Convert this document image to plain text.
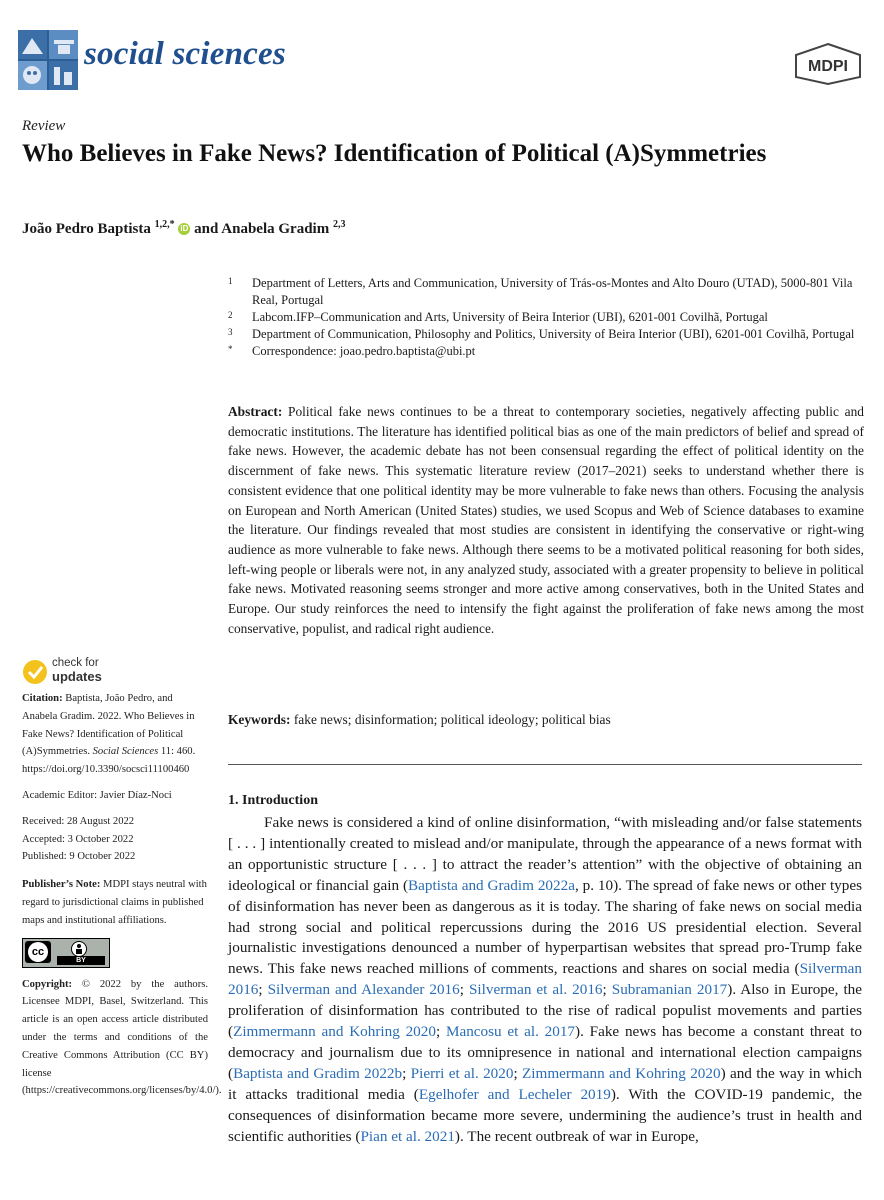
social sciences	MDPI
Review
Who Believes in Fake News? Identification of Political (A)Symmetries
João Pedro Baptista $^{1,2,*}$ iD and Anabela Gradim $^{2,3}$
1 Department of Letters, Arts and Communication, University of Trás-os-Montes and Alto Douro (UTAD), 5000-801 Vila Real, Portugal
2 Labcom.IFP–Communication and Arts, University of Beira Interior (UBI), 6201-001 Covilhã, Portugal
3 Department of Communication, Philosophy and Politics, University of Beira Interior (UBI), 6201-001 Covilhã, Portugal
* Correspondence: joao.pedro.baptista@ubi.pt
Abstract: Political fake news continues to be a threat to contemporary societies, negatively affecting public and democratic institutions. The literature has identified political bias as one of the main predictors of belief and spread of fake news. However, the academic debate has not been consensual regarding the effect of political identity on the discernment of fake news. This systematic literature review (2017–2021) seeks to understand whether there is consistent evidence that one political identity may be more vulnerable to fake news than others. Focusing the analysis on European and North American (United States) studies, we used Scopus and Web of Science databases to examine the literature. Our findings revealed that most studies are consistent in identifying the conservative or right-wing audience as more vulnerable to fake news. Although there seems to be a motivated political reasoning for both sides, left-wing people or liberals were not, in any analyzed study, associated with a greater propensity to believe in political fake news. Motivated reasoning seems stronger and more active among conservatives, both in the United States and Europe. Our study reinforces the need to intensify the fight against the proliferation of fake news among the most conservative, populist, and radical right audience.
Keywords: fake news; disinformation; political ideology; political bias
check for
updates

Citation: Baptista, João Pedro, and Anabela Gradim. 2022. Who Believes in Fake News? Identification of Political (A)Symmetries. Social Sciences 11: 460. https://doi.org/10.3390/socsci11100460

Academic Editor: Javier Díaz-Noci

Received: 28 August 2022
Accepted: 3 October 2022
Published: 9 October 2022

Publisher’s Note: MDPI stays neutral with regard to jurisdictional claims in published maps and institutional affiliations.

cc
BY

Copyright: © 2022 by the authors. Licensee MDPI, Basel, Switzerland. This article is an open access article distributed under the terms and conditions of the Creative Commons Attribution (CC BY) license (https://creativecommons.org/licenses/by/4.0/).

1. Introduction
Fake news is considered a kind of online disinformation, “with misleading and/or false statements [ . . . ] intentionally created to mislead and/or manipulate, through the appearance of a news format with an opportunistic structure [ . . . ] to attract the reader’s attention” with the objective of obtaining an ideological or financial gain (Baptista and Gradim 2022a, p. 10). The spread of fake news or other types of disinformation has never been as dangerous as it is today. The sharing of fake news on social media had strong social and political repercussions during the 2016 US presidential election. Several journalistic investigations denounced a number of hyperpartisan websites that spread pro-Trump fake news. This fake news reached millions of comments, reactions and shares on social media (Silverman 2016; Silverman and Alexander 2016; Silverman et al. 2016; Subramanian 2017). Also in Europe, the proliferation of disinformation has contributed to the rise of radical populist movements and parties (Zimmermann and Kohring 2020; Mancosu et al. 2017). Fake news has become a constant threat to democracy and journalism due to its omnipresence in national and international election campaigns (Baptista and Gradim 2022b; Pierri et al. 2020; Zimmermann and Kohring 2020) and the way in which it attacks traditional media (Egelhofer and Lecheler 2019). With the COVID-19 pandemic, the consequences of disinformation became more severe, undermining the audience’s trust in health and scientific authorities (Pian et al. 2021). The recent outbreak of war in Europe,
